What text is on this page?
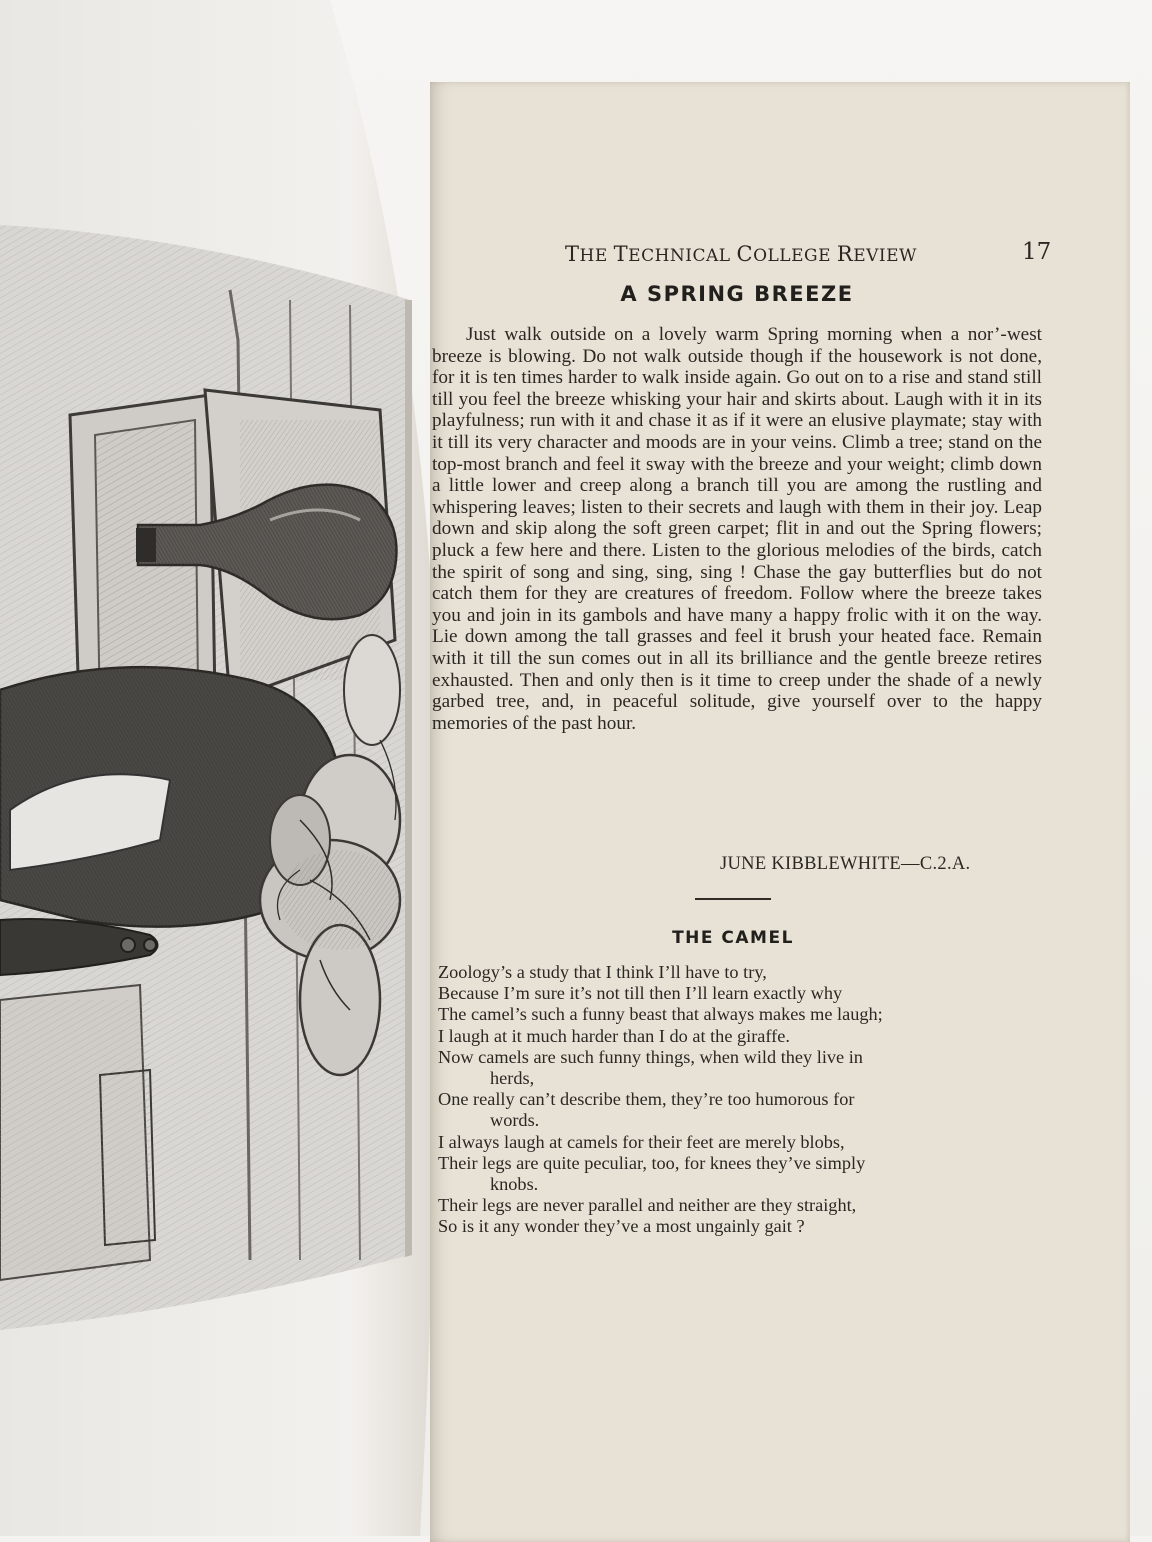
THE TECHNICAL COLLEGE REVIEW	17
A SPRING BREEZE

Just walk outside on a lovely warm Spring morning when a nor’-west breeze is blowing. Do not walk outside though if the housework is not done, for it is ten times harder to walk inside again. Go out on to a rise and stand still till you feel the breeze whisking your hair and skirts about. Laugh with it in its playfulness; run with it and chase it as if it were an elusive playmate; stay with it till its very character and moods are in your veins. Climb a tree; stand on the top-most branch and feel it sway with the breeze and your weight; climb down a little lower and creep along a branch till you are among the rustling and whispering leaves; listen to their secrets and laugh with them in their joy. Leap down and skip along the soft green carpet; flit in and out the Spring flowers; pluck a few here and there. Listen to the glorious melodies of the birds, catch the spirit of song and sing, sing, sing ! Chase the gay butterflies but do not catch them for they are creatures of freedom. Follow where the breeze takes you and join in its gambols and have many a happy frolic with it on the way. Lie down among the tall grasses and feel it brush your heated face. Remain with it till the sun comes out in all its brilliance and the gentle breeze retires exhausted. Then and only then is it time to creep under the shade of a newly garbed tree, and, in peaceful solitude, give yourself over to the happy memories of the past hour.

JUNE KIBBLEWHITE—C.2.A.
THE CAMEL
Zoology’s a study that I think I’ll have to try,
Because I’m sure it’s not till then I’ll learn exactly why
The camel’s such a funny beast that always makes me laugh;
I laugh at it much harder than I do at the giraffe.
Now camels are such funny things, when wild they live in
herds,
One really can’t describe them, they’re too humorous for
words.
I always laugh at camels for their feet are merely blobs,
Their legs are quite peculiar, too, for knees they’ve simply
knobs.
Their legs are never parallel and neither are they straight,
So is it any wonder they’ve a most ungainly gait ?
